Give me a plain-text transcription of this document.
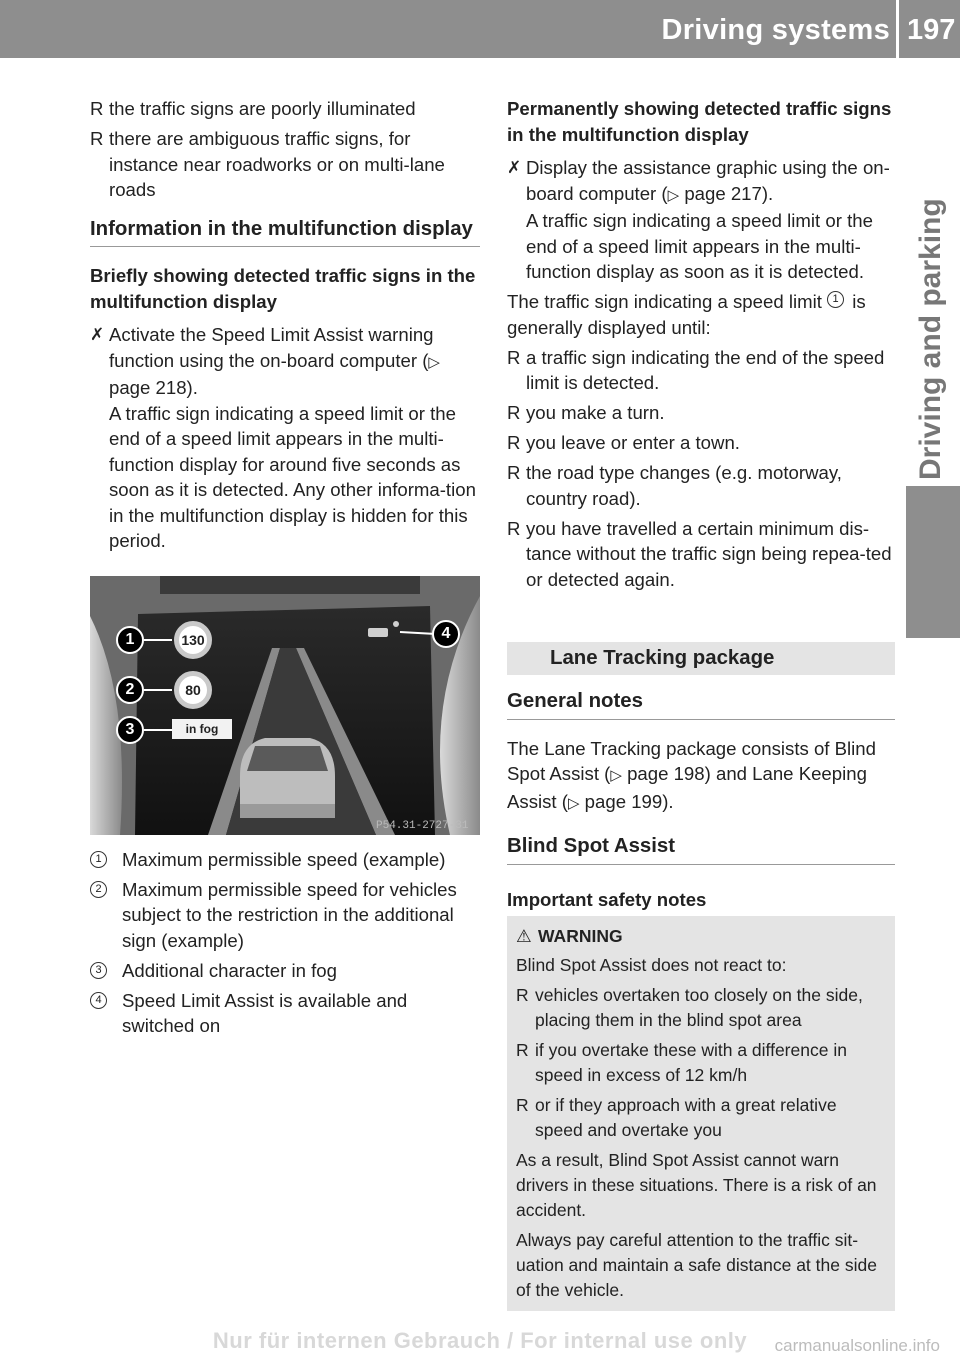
Driving systems 197
Driving and parking
R the traffic signs are poorly illuminated
R there are ambiguous traffic signs, for instance near roadworks or on multi-lane roads
Information in the multifunction display
Briefly showing detected traffic signs in the multifunction display
✗ Activate the Speed Limit Assist warning function using the on-board computer (▷ page 218).
A traffic sign indicating a speed limit or the end of a speed limit appears in the multi-function display for around five seconds as soon as it is detected. Any other informa-tion in the multifunction display is hidden for this period.
1
2
3
4
130
80
in fog
P54.31-2727-31
1 Maximum permissible speed (example)
2 Maximum permissible speed for vehicles subject to the restriction in the additional sign (example)
3 Additional character in fog
4 Speed Limit Assist is available and switched on
Permanently showing detected traffic signs in the multifunction display
✗ Display the assistance graphic using the on-board computer (▷ page 217).
A traffic sign indicating a speed limit or the end of a speed limit appears in the multi-function display as soon as it is detected.

The traffic sign indicating a speed limit 1 is generally displayed until:

R a traffic sign indicating the end of the speed limit is detected.
R you make a turn.
R you leave or enter a town.
R the road type changes (e.g. motorway, country road).
R you have travelled a certain minimum dis-tance without the traffic sign being repea-ted or detected again.
Lane Tracking package
General notes

The Lane Tracking package consists of Blind Spot Assist (▷ page 198) and Lane Keeping Assist (▷ page 199).

Blind Spot Assist
Important safety notes
⚠ WARNING

Blind Spot Assist does not react to:

R vehicles overtaken too closely on the side, placing them in the blind spot area
R if you overtake these with a difference in speed in excess of 12 km/h
R or if they approach with a great relative speed and overtake you

As a result, Blind Spot Assist cannot warn drivers in these situations. There is a risk of an accident.

Always pay careful attention to the traffic sit-uation and maintain a safe distance at the side of the vehicle.

Nur für internen Gebrauch / For internal use only	carmanualsonline.info
